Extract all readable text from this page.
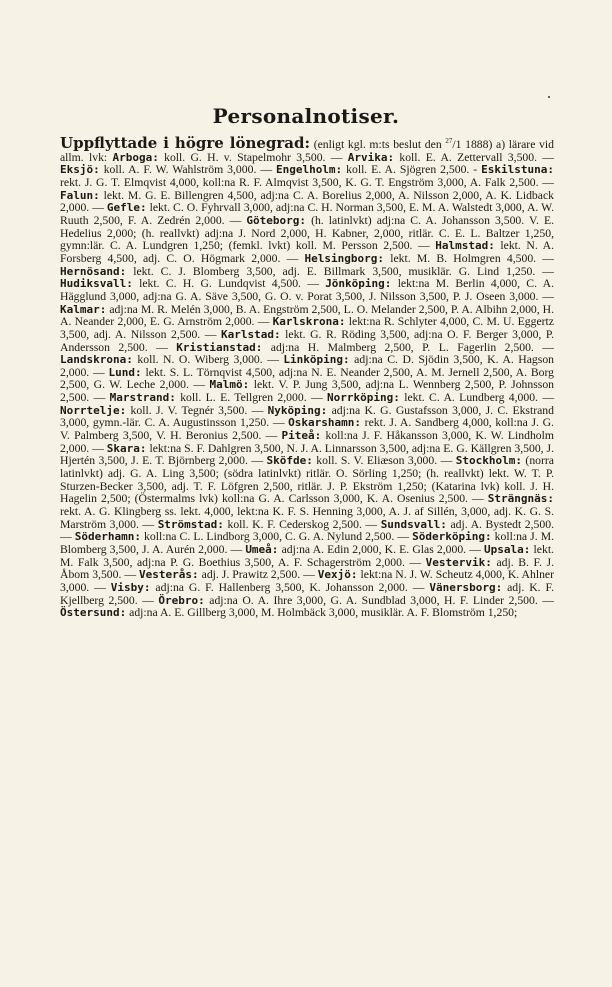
Personalnotiser.

Uppflyttade i högre lönegrad: (enligt kgl. m:ts beslut den $^{27}$/1 1888) a) lärare vid allm. lvk: Arboga: koll. G. H. v. Stapelmohr 3,500. — Arvika: koll. E. A. Zettervall 3,500. — Eksjö: koll. A. F. W. Wahlström 3,000. — Engelholm: koll. E. A. Sjögren 2,500. - Eskilstuna: rekt. J. G. T. Elmqvist 4,000, koll:na R. F. Almqvist 3,500, K. G. T. Engström 3,000, A. Falk 2,500. — Falun: lekt. M. G. E. Billengren 4,500, adj:na C. A. Borelius 2,000, A. Nilsson 2,000, A. K. Lidback 2,000. — Gefle: lekt. C. O. Fyhrvall 3,000, adj:na C. H. Norman 3,500, E. M. A. Walstedt 3,000, A. W. Ruuth 2,500, F. A. Zedrén 2,000. — Göteborg: (h. latinlvkt) adj:na C. A. Johansson 3,500. V. E. Hedelius 2,000; (h. reallvkt) adj:na J. Nord 2,000, H. Kabner, 2,000, ritlär. C. E. L. Baltzer 1,250, gymn:lär. C. A. Lundgren 1,250; (femkl. lvkt) koll. M. Persson 2,500. — Halmstad: lekt. N. A. Forsberg 4,500, adj. C. O. Högmark 2,000. — Helsingborg: lekt. M. B. Holmgren 4,500. — Hernösand: lekt. C. J. Blomberg 3,500, adj. E. Billmark 3,500, musiklär. G. Lind 1,250. — Hudiksvall: lekt. C. H. G. Lundqvist 4,500. — Jönköping: lekt:na M. Berlin 4,000, C. A. Hägglund 3,000, adj:na G. A. Säve 3,500, G. O. v. Porat 3,500, J. Nilsson 3,500, P. J. Oseen 3,000. — Kalmar: adj:na M. R. Melén 3,000, B. A. Engström 2,500, L. O. Melander 2,500, P. A. Albihn 2,000, H. A. Neander 2,000, E. G. Arnström 2,000. — Karlskrona: lekt:na R. Schlyter 4,000, C. M. U. Eggertz 3,500, adj. A. Nilsson 2,500. — Karlstad: lekt. G. R. Röding 3,500, adj:na O. F. Berger 3,000, P. Andersson 2,500. — Kristianstad: adj:na H. Malmberg 2,500, P. L. Fagerlin 2,500. — Landskrona: koll. N. O. Wiberg 3,000. — Linköping: adj:na C. D. Sjödin 3,500, K. A. Hagson 2,000. — Lund: lekt. S. L. Törnqvist 4,500, adj:na N. E. Neander 2,500, A. M. Jernell 2,500, A. Borg 2,500, G. W. Leche 2,000. — Malmö: lekt. V. P. Jung 3,500, adj:na L. Wennberg 2,500, P. Johnsson 2,500. — Marstrand: koll. L. E. Tellgren 2,000. — Norrköping: lekt. C. A. Lundberg 4,000. — Norrtelje: koll. J. V. Tegnér 3,500. — Nyköping: adj:na K. G. Gustafsson 3,000, J. C. Ekstrand 3,000, gymn.-lär. C. A. Augustinsson 1,250. — Oskarshamn: rekt. J. A. Sandberg 4,000, koll:na J. G. V. Palmberg 3,500, V. H. Beronius 2,500. — Piteå: koll:na J. F. Håkansson 3,000, K. W. Lindholm 2,000. — Skara: lekt:na S. F. Dahlgren 3,500, N. J. A. Linnarsson 3,500, adj:na E. G. Källgren 3,500, J. Hjertén 3,500, J. E. T. Björnberg 2,000. — Sköfde: koll. S. V. Eliæson 3,000. — Stockholm: (norra latinlvkt) adj. G. A. Ling 3,500; (södra latinlvkt) ritlär. O. Sörling 1,250; (h. reallvkt) lekt. W. T. P. Sturzen-Becker 3,500, adj. T. F. Löfgren 2,500, ritlär. J. P. Ekström 1,250; (Katarina lvk) koll. J. H. Hagelin 2,500; (Östermalms lvk) koll:na G. A. Carlsson 3,000, K. A. Osenius 2,500. — Strängnäs: rekt. A. G. Klingberg ss. lekt. 4,000, lekt:na K. F. S. Henning 3,000, A. J. af Sillén, 3,000, adj. K. G. S. Marström 3,000. — Strömstad: koll. K. F. Cederskog 2,500. — Sundsvall: adj. A. Bystedt 2,500. — Söderhamn: koll:na C. L. Lindborg 3,000, C. G. A. Nylund 2,500. — Söderköping: koll:na J. M. Blomberg 3,500, J. A. Aurén 2,000. — Umeå: adj:na A. Edin 2,000, K. E. Glas 2,000. — Upsala: lekt. M. Falk 3,500, adj:na P. G. Boethius 3,500, A. F. Schagerström 2,000. — Vestervik: adj. B. F. J. Åbom 3,500. — Vesterås: adj. J. Prawitz 2,500. — Vexjö: lekt:na N. J. W. Scheutz 4,000, K. Ahlner 3,000. — Visby: adj:na G. F. Hallenberg 3,500, K. Johansson 2,000. — Vänersborg: adj. K. F. Kjellberg 2,500. — Örebro: adj:na O. A. Ihre 3,000, G. A. Sundblad 3,000, H. F. Linder 2,500. — Östersund: adj:na A. E. Gillberg 3,000, M. Holmbäck 3,000, musiklär. A. F. Blomström 1,250;
